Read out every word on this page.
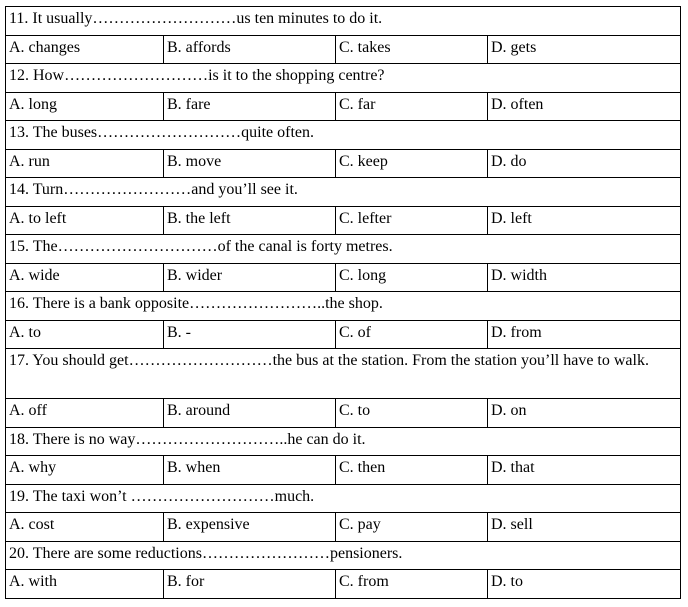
11. It usually………………………us ten minutes to do it.			
A. changes	B. affords	C. takes	D. gets
12. How………………………is it to the shopping centre?			
A. long	B. fare	C. far	D. often
13. The buses………………………quite often.			
A. run	B. move	C. keep	D. do
14. Turn……………………and you’ll see it.			
A. to left	B. the left	C. lefter	D. left
15. The…………………………of the canal is forty metres.			
A. wide	B. wider	C. long	D. width
16. There is a bank opposite……………………..the shop.			
A. to	B. -	C. of	D. from
17. You should get………………………the bus at the station. From the station you’ll have to walk.			
A. off	B. around	C. to	D. on
18. There is no way………………………..he can do it.			
A. why	B. when	C. then	D. that
19. The taxi won’t ………………………much.			
A. cost	B. expensive	C. pay	D. sell
20. There are some reductions……………………pensioners.			
A. with	B. for	C. from	D. to
